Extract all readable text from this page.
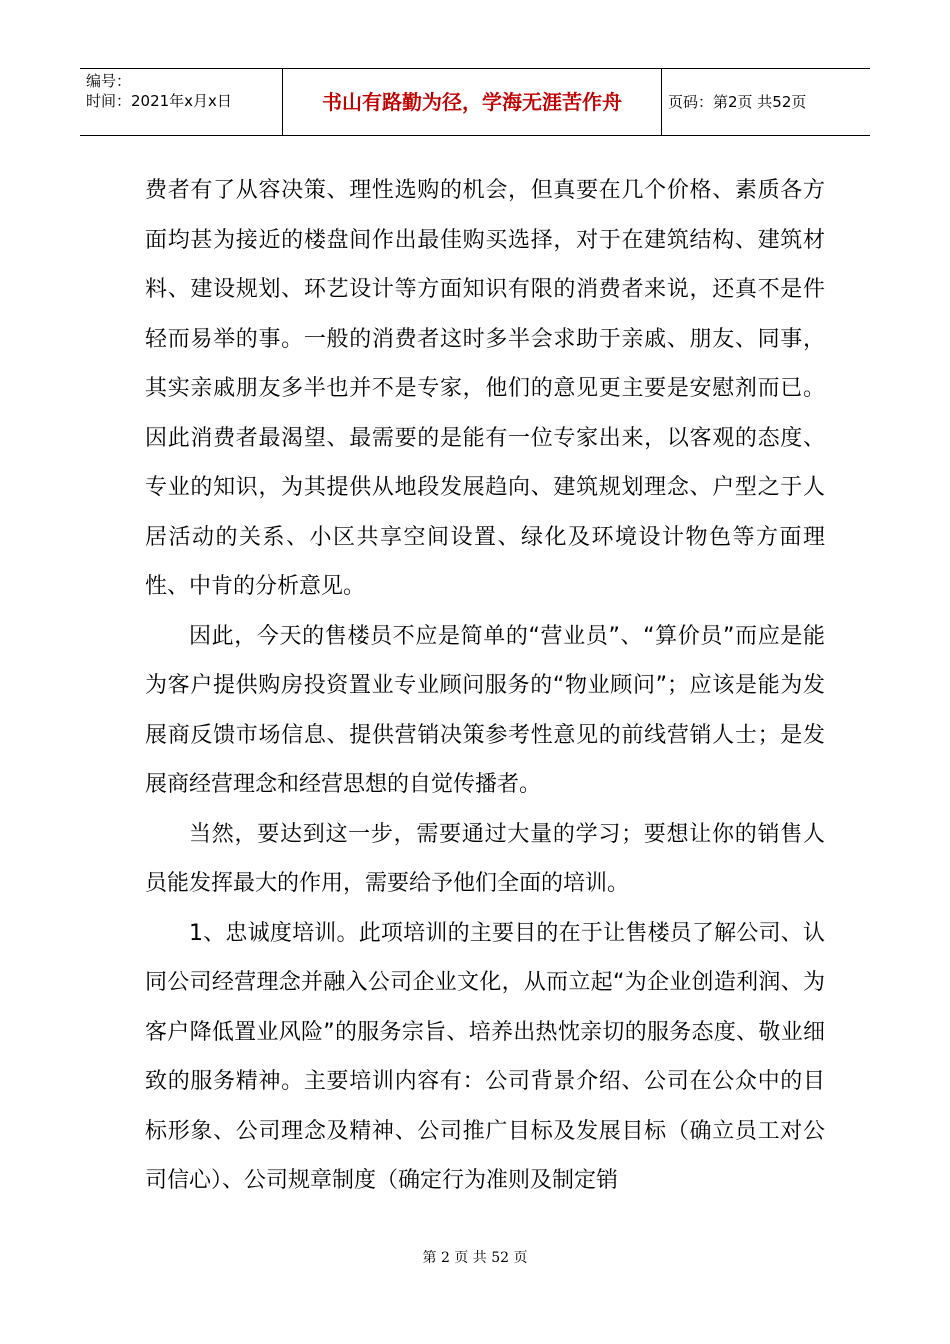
编号：
时间：2021年x月x日	书山有路勤为径，学海无涯苦作舟	页码：第2页 共52页

费者有了从容决策、理性选购的机会，但真要在几个价格、素质各方面均甚为接近的楼盘间作出最佳购买选择，对于在建筑结构、建筑材料、建设规划、环艺设计等方面知识有限的消费者来说，还真不是件轻而易举的事。一般的消费者这时多半会求助于亲戚、朋友、同事，其实亲戚朋友多半也并不是专家，他们的意见更主要是安慰剂而已。因此消费者最渴望、最需要的是能有一位专家出来，以客观的态度、专业的知识，为其提供从地段发展趋向、建筑规划理念、户型之于人居活动的关系、小区共享空间设置、绿化及环境设计物色等方面理性、中肯的分析意见。

因此，今天的售楼员不应是简单的“营业员”、“算价员”而应是能为客户提供购房投资置业专业顾问服务的“物业顾问”；应该是能为发展商反馈市场信息、提供营销决策参考性意见的前线营销人士；是发展商经营理念和经营思想的自觉传播者。

当然，要达到这一步，需要通过大量的学习；要想让你的销售人员能发挥最大的作用，需要给予他们全面的培训。

1、忠诚度培训。此项培训的主要目的在于让售楼员了解公司、认同公司经营理念并融入公司企业文化，从而立起“为企业创造利润、为客户降低置业风险”的服务宗旨、培养出热忱亲切的服务态度、敬业细致的服务精神。主要培训内容有：公司背景介绍、公司在公众中的目标形象、公司理念及精神、公司推广目标及发展目标（确立员工对公司信心）、公司规章制度（确定行为准则及制定销

第 2 页 共 52 页
